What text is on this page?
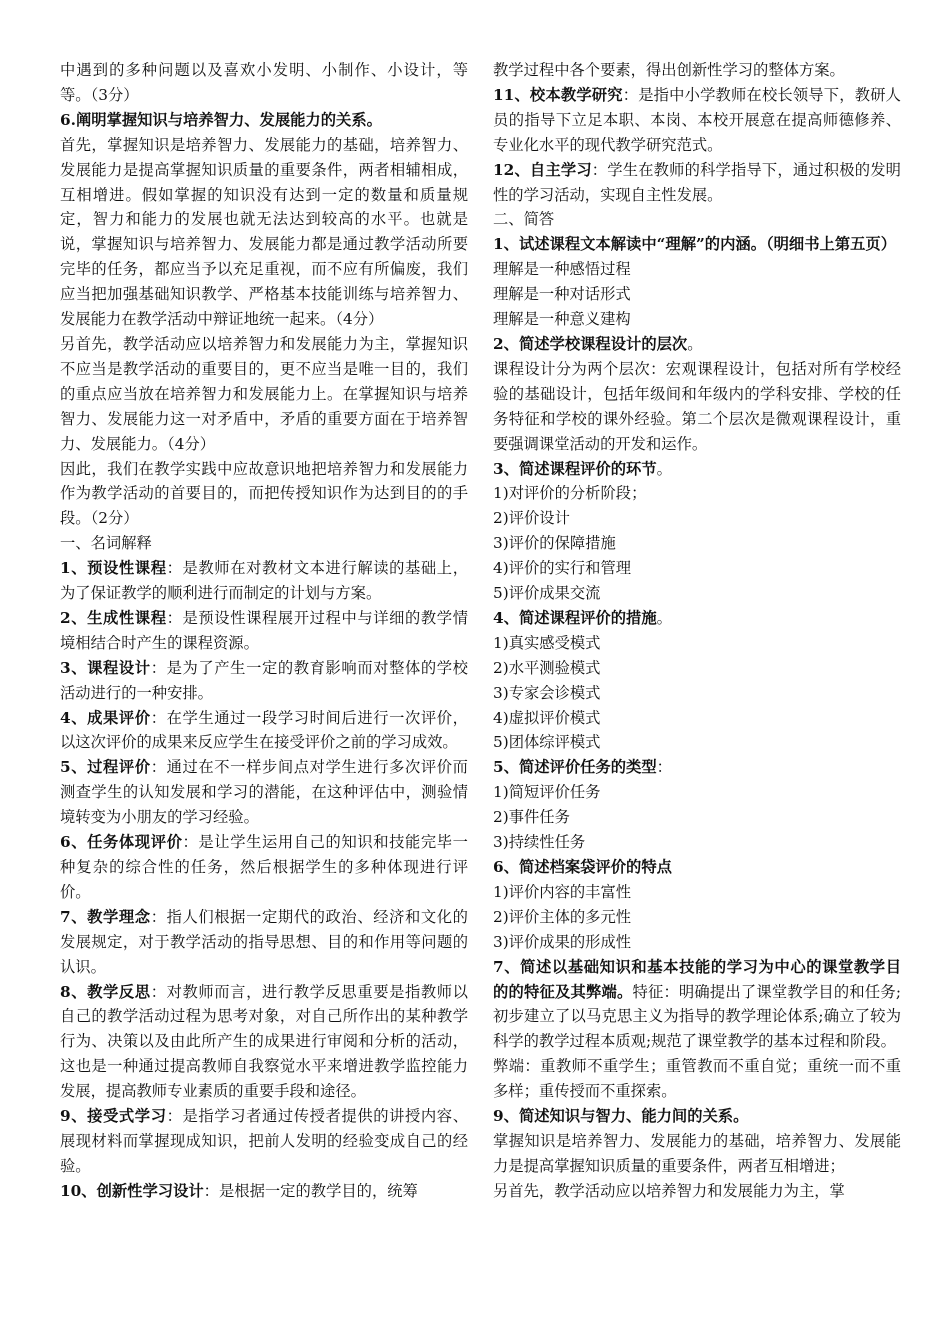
中遇到的多种问题以及喜欢小发明、小制作、小设计，等等。（3分）

6.阐明掌握知识与培养智力、发展能力的关系。

首先，掌握知识是培养智力、发展能力的基础，培养智力、发展能力是提高掌握知识质量的重要条件，两者相辅相成，互相增进。假如掌握的知识没有达到一定的数量和质量规定，智力和能力的发展也就无法达到较高的水平。也就是说，掌握知识与培养智力、发展能力都是通过教学活动所要完毕的任务，都应当予以充足重视，而不应有所偏废，我们应当把加强基础知识教学、严格基本技能训练与培养智力、发展能力在教学活动中辩证地统一起来。（4分）

另首先，教学活动应以培养智力和发展能力为主，掌握知识不应当是教学活动的重要目的，更不应当是唯一目的，我们的重点应当放在培养智力和发展能力上。在掌握知识与培养智力、发展能力这一对矛盾中，矛盾的重要方面在于培养智力、发展能力。（4分）

因此，我们在教学实践中应故意识地把培养智力和发展能力作为教学活动的首要目的，而把传授知识作为达到目的的手段。（2分）

一、名词解释

1、预设性课程：是教师在对教材文本进行解读的基础上，为了保证教学的顺利进行而制定的计划与方案。

2、生成性课程：是预设性课程展开过程中与详细的教学情境相结合时产生的课程资源。

3、课程设计：是为了产生一定的教育影响而对整体的学校活动进行的一种安排。

4、成果评价：在学生通过一段学习时间后进行一次评价，以这次评价的成果来反应学生在接受评价之前的学习成效。

5、过程评价：通过在不一样步间点对学生进行多次评价而测查学生的认知发展和学习的潜能，在这种评估中，测验情境转变为小朋友的学习经验。

6、任务体现评价：是让学生运用自己的知识和技能完毕一种复杂的综合性的任务，然后根据学生的多种体现进行评价。

7、教学理念：指人们根据一定期代的政治、经济和文化的发展规定，对于教学活动的指导思想、目的和作用等问题的认识。

8、教学反思：对教师而言，进行教学反思重要是指教师以自己的教学活动过程为思考对象，对自己所作出的某种教学行为、决策以及由此所产生的成果进行审阅和分析的活动，这也是一种通过提高教师自我察觉水平来增进教学监控能力发展，提高教师专业素质的重要手段和途径。

9、接受式学习：是指学习者通过传授者提供的讲授内容、展现材料而掌握现成知识，把前人发明的经验变成自己的经验。

10、创新性学习设计：是根据一定的教学目的，统筹

教学过程中各个要素，得出创新性学习的整体方案。

11、校本教学研究：是指中小学教师在校长领导下，教研人员的指导下立足本职、本岗、本校开展意在提高师德修养、专业化水平的现代教学研究范式。

12、自主学习：学生在教师的科学指导下，通过积极的发明性的学习活动，实现自主性发展。

二、简答

1、试述课程文本解读中“理解”的内涵。（明细书上第五页）

理解是一种感悟过程

理解是一种对话形式

理解是一种意义建构

2、简述学校课程设计的层次。

课程设计分为两个层次：宏观课程设计，包括对所有学校经验的基础设计，包括年级间和年级内的学科安排、学校的任务特征和学校的课外经验。第二个层次是微观课程设计，重要强调课堂活动的开发和运作。

3、简述课程评价的环节。

1)对评价的分析阶段；

2)评价设计

3)评价的保障措施

4)评价的实行和管理

5)评价成果交流

4、简述课程评价的措施。

1)真实感受模式

2)水平测验模式

3)专家会诊模式

4)虚拟评价模式

5)团体综评模式

5、简述评价任务的类型：

1)简短评价任务

2)事件任务

3)持续性任务

6、简述档案袋评价的特点

1)评价内容的丰富性

2)评价主体的多元性

3)评价成果的形成性

7、简述以基础知识和基本技能的学习为中心的课堂教学目的的特征及其弊端。特征：明确提出了课堂教学目的和任务;初步建立了以马克思主义为指导的教学理论体系;确立了较为科学的教学过程本质观;规范了课堂教学的基本过程和阶段。

弊端：重教师不重学生；重管教而不重自觉；重统一而不重多样；重传授而不重探索。

9、简述知识与智力、能力间的关系。

掌握知识是培养智力、发展能力的基础，培养智力、发展能力是提高掌握知识质量的重要条件，两者互相增进；

另首先，教学活动应以培养智力和发展能力为主，掌
